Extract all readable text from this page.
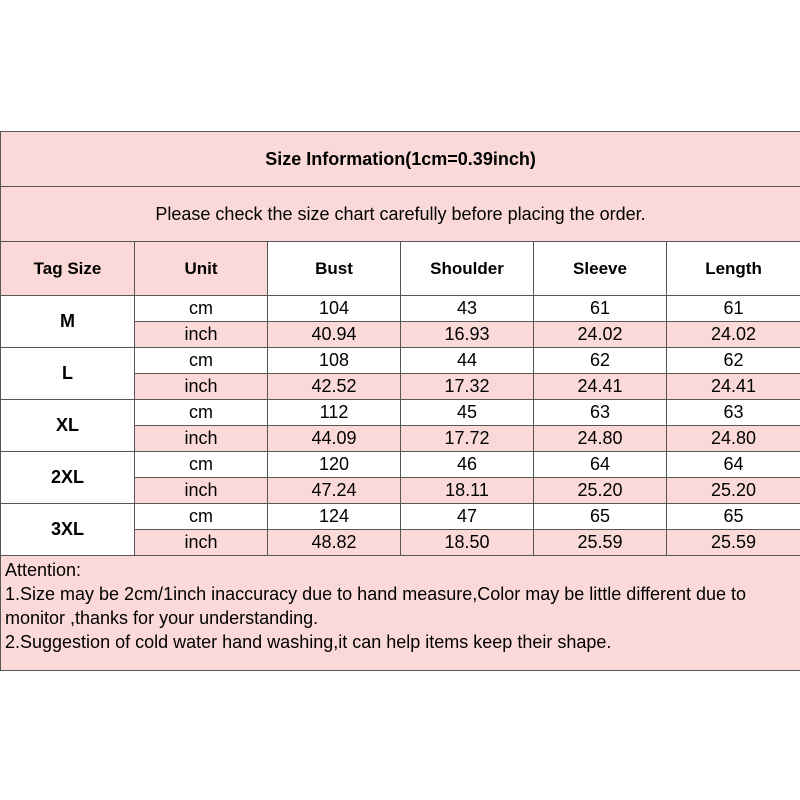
Size Information(1cm=0.39inch)					
Please check the size chart carefully before placing the order.					
Tag Size	Unit	Bust	Shoulder	Sleeve	Length
M	cm	104	43	61	61
	inch	40.94	16.93	24.02	24.02
L	cm	108	44	62	62
	inch	42.52	17.32	24.41	24.41
XL	cm	112	45	63	63
	inch	44.09	17.72	24.80	24.80
2XL	cm	120	46	64	64
	inch	47.24	18.11	25.20	25.20
3XL	cm	124	47	65	65
	inch	48.82	18.50	25.59	25.59

Attention:
1.Size may be 2cm/1inch inaccuracy due to hand measure,Color may be little different due to
monitor ,thanks for your understanding.
2.Suggestion of cold water hand washing,it can help items keep their shape.					
